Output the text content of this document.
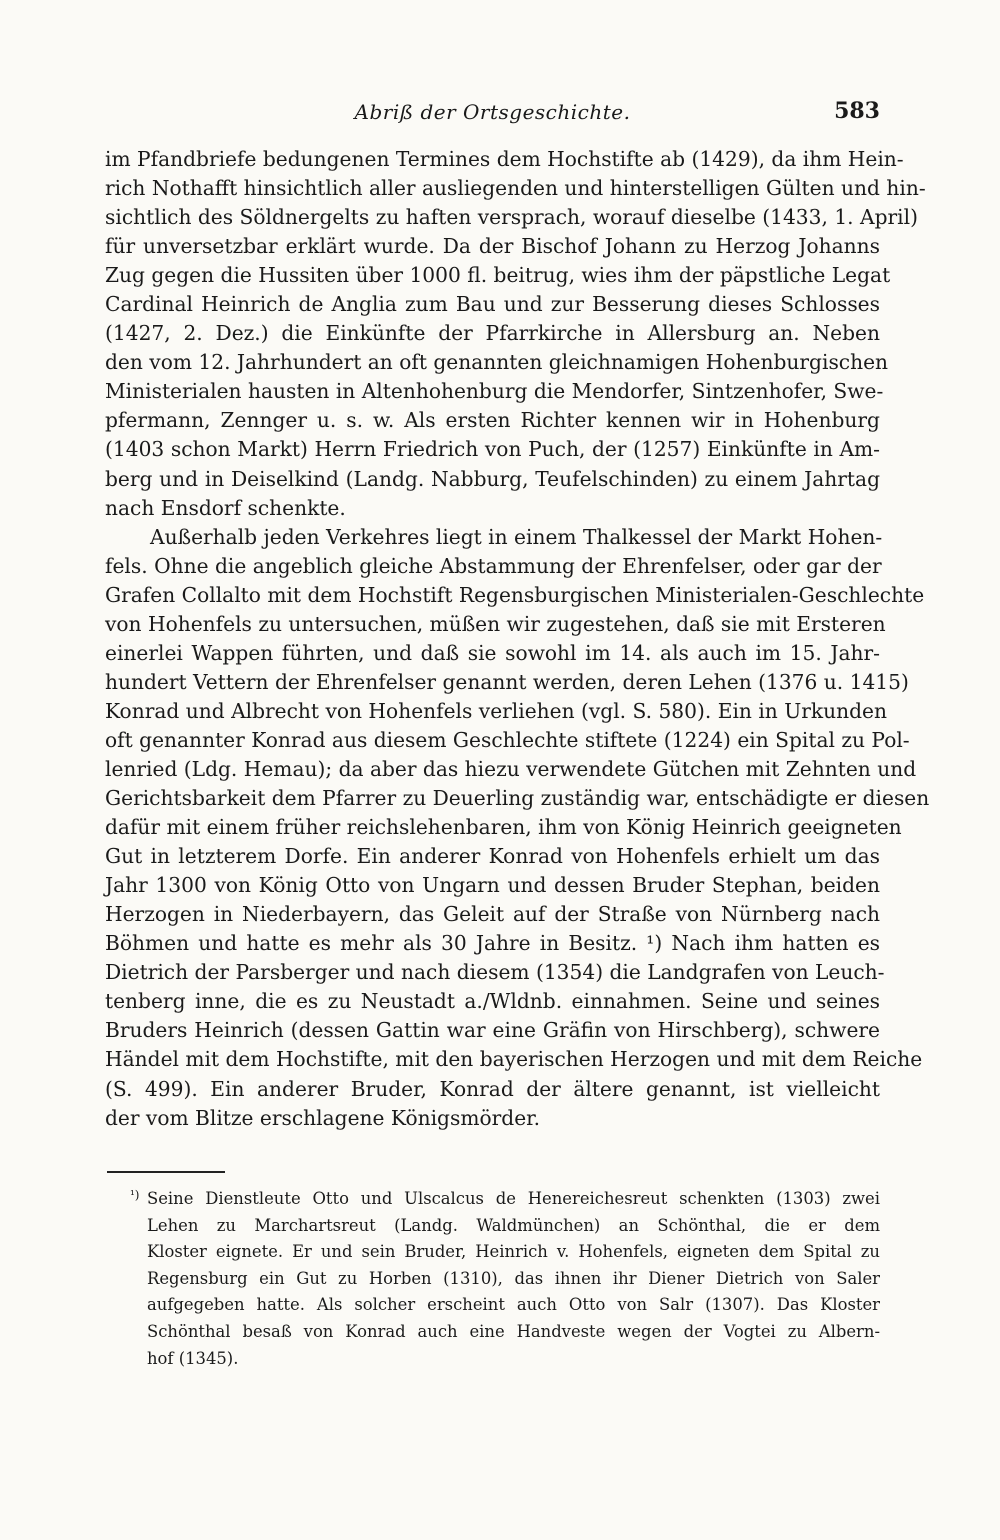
Abriß der Ortsgeschichte.	583
im Pfandbriefe bedungenen Termines dem Hochstifte ab (1429), da ihm Hein-
rich Nothafft hinsichtlich aller ausliegenden und hinterstelligen Gülten und hin-
sichtlich des Söldnergelts zu haften versprach, worauf dieselbe (1433, 1. April)
für unversetzbar erklärt wurde. Da der Bischof Johann zu Herzog Johanns
Zug gegen die Hussiten über 1000 fl. beitrug, wies ihm der päpstliche Legat
Cardinal Heinrich de Anglia zum Bau und zur Besserung dieses Schlosses
(1427, 2. Dez.) die Einkünfte der Pfarrkirche in Allersburg an. Neben
den vom 12. Jahrhundert an oft genannten gleichnamigen Hohenburgischen
Ministerialen hausten in Altenhohenburg die Mendorfer, Sintzenhofer, Swe-
pfermann, Zennger u. s. w. Als ersten Richter kennen wir in Hohenburg
(1403 schon Markt) Herrn Friedrich von Puch, der (1257) Einkünfte in Am-
berg und in Deiselkind (Landg. Nabburg, Teufelschinden) zu einem Jahrtag
nach Ensdorf schenkte.
Außerhalb jeden Verkehres liegt in einem Thalkessel der Markt Hohen-
fels. Ohne die angeblich gleiche Abstammung der Ehrenfelser, oder gar der
Grafen Collalto mit dem Hochstift Regensburgischen Ministerialen-Geschlechte
von Hohenfels zu untersuchen, müßen wir zugestehen, daß sie mit Ersteren
einerlei Wappen führten, und daß sie sowohl im 14. als auch im 15. Jahr-
hundert Vettern der Ehrenfelser genannt werden, deren Lehen (1376 u. 1415)
Konrad und Albrecht von Hohenfels verliehen (vgl. S. 580). Ein in Urkunden
oft genannter Konrad aus diesem Geschlechte stiftete (1224) ein Spital zu Pol-
lenried (Ldg. Hemau); da aber das hiezu verwendete Gütchen mit Zehnten und
Gerichtsbarkeit dem Pfarrer zu Deuerling zuständig war, entschädigte er diesen
dafür mit einem früher reichslehenbaren, ihm von König Heinrich geeigneten
Gut in letzterem Dorfe. Ein anderer Konrad von Hohenfels erhielt um das
Jahr 1300 von König Otto von Ungarn und dessen Bruder Stephan, beiden
Herzogen in Niederbayern, das Geleit auf der Straße von Nürnberg nach
Böhmen und hatte es mehr als 30 Jahre in Besitz. ¹) Nach ihm hatten es
Dietrich der Parsberger und nach diesem (1354) die Landgrafen von Leuch-
tenberg inne, die es zu Neustadt a./Wldnb. einnahmen. Seine und seines
Bruders Heinrich (dessen Gattin war eine Gräfin von Hirschberg), schwere
Händel mit dem Hochstifte, mit den bayerischen Herzogen und mit dem Reiche
(S. 499). Ein anderer Bruder, Konrad der ältere genannt, ist vielleicht
der vom Blitze erschlagene Königsmörder.
¹) Seine Dienstleute Otto und Ulscalcus de Henereichesreut schenkten (1303) zwei
Lehen zu Marchartsreut (Landg. Waldmünchen) an Schönthal, die er dem
Kloster eignete. Er und sein Bruder, Heinrich v. Hohenfels, eigneten dem Spital zu
Regensburg ein Gut zu Horben (1310), das ihnen ihr Diener Dietrich von Saler
aufgegeben hatte. Als solcher erscheint auch Otto von Salr (1307). Das Kloster
Schönthal besaß von Konrad auch eine Handveste wegen der Vogtei zu Albern-
hof (1345).
